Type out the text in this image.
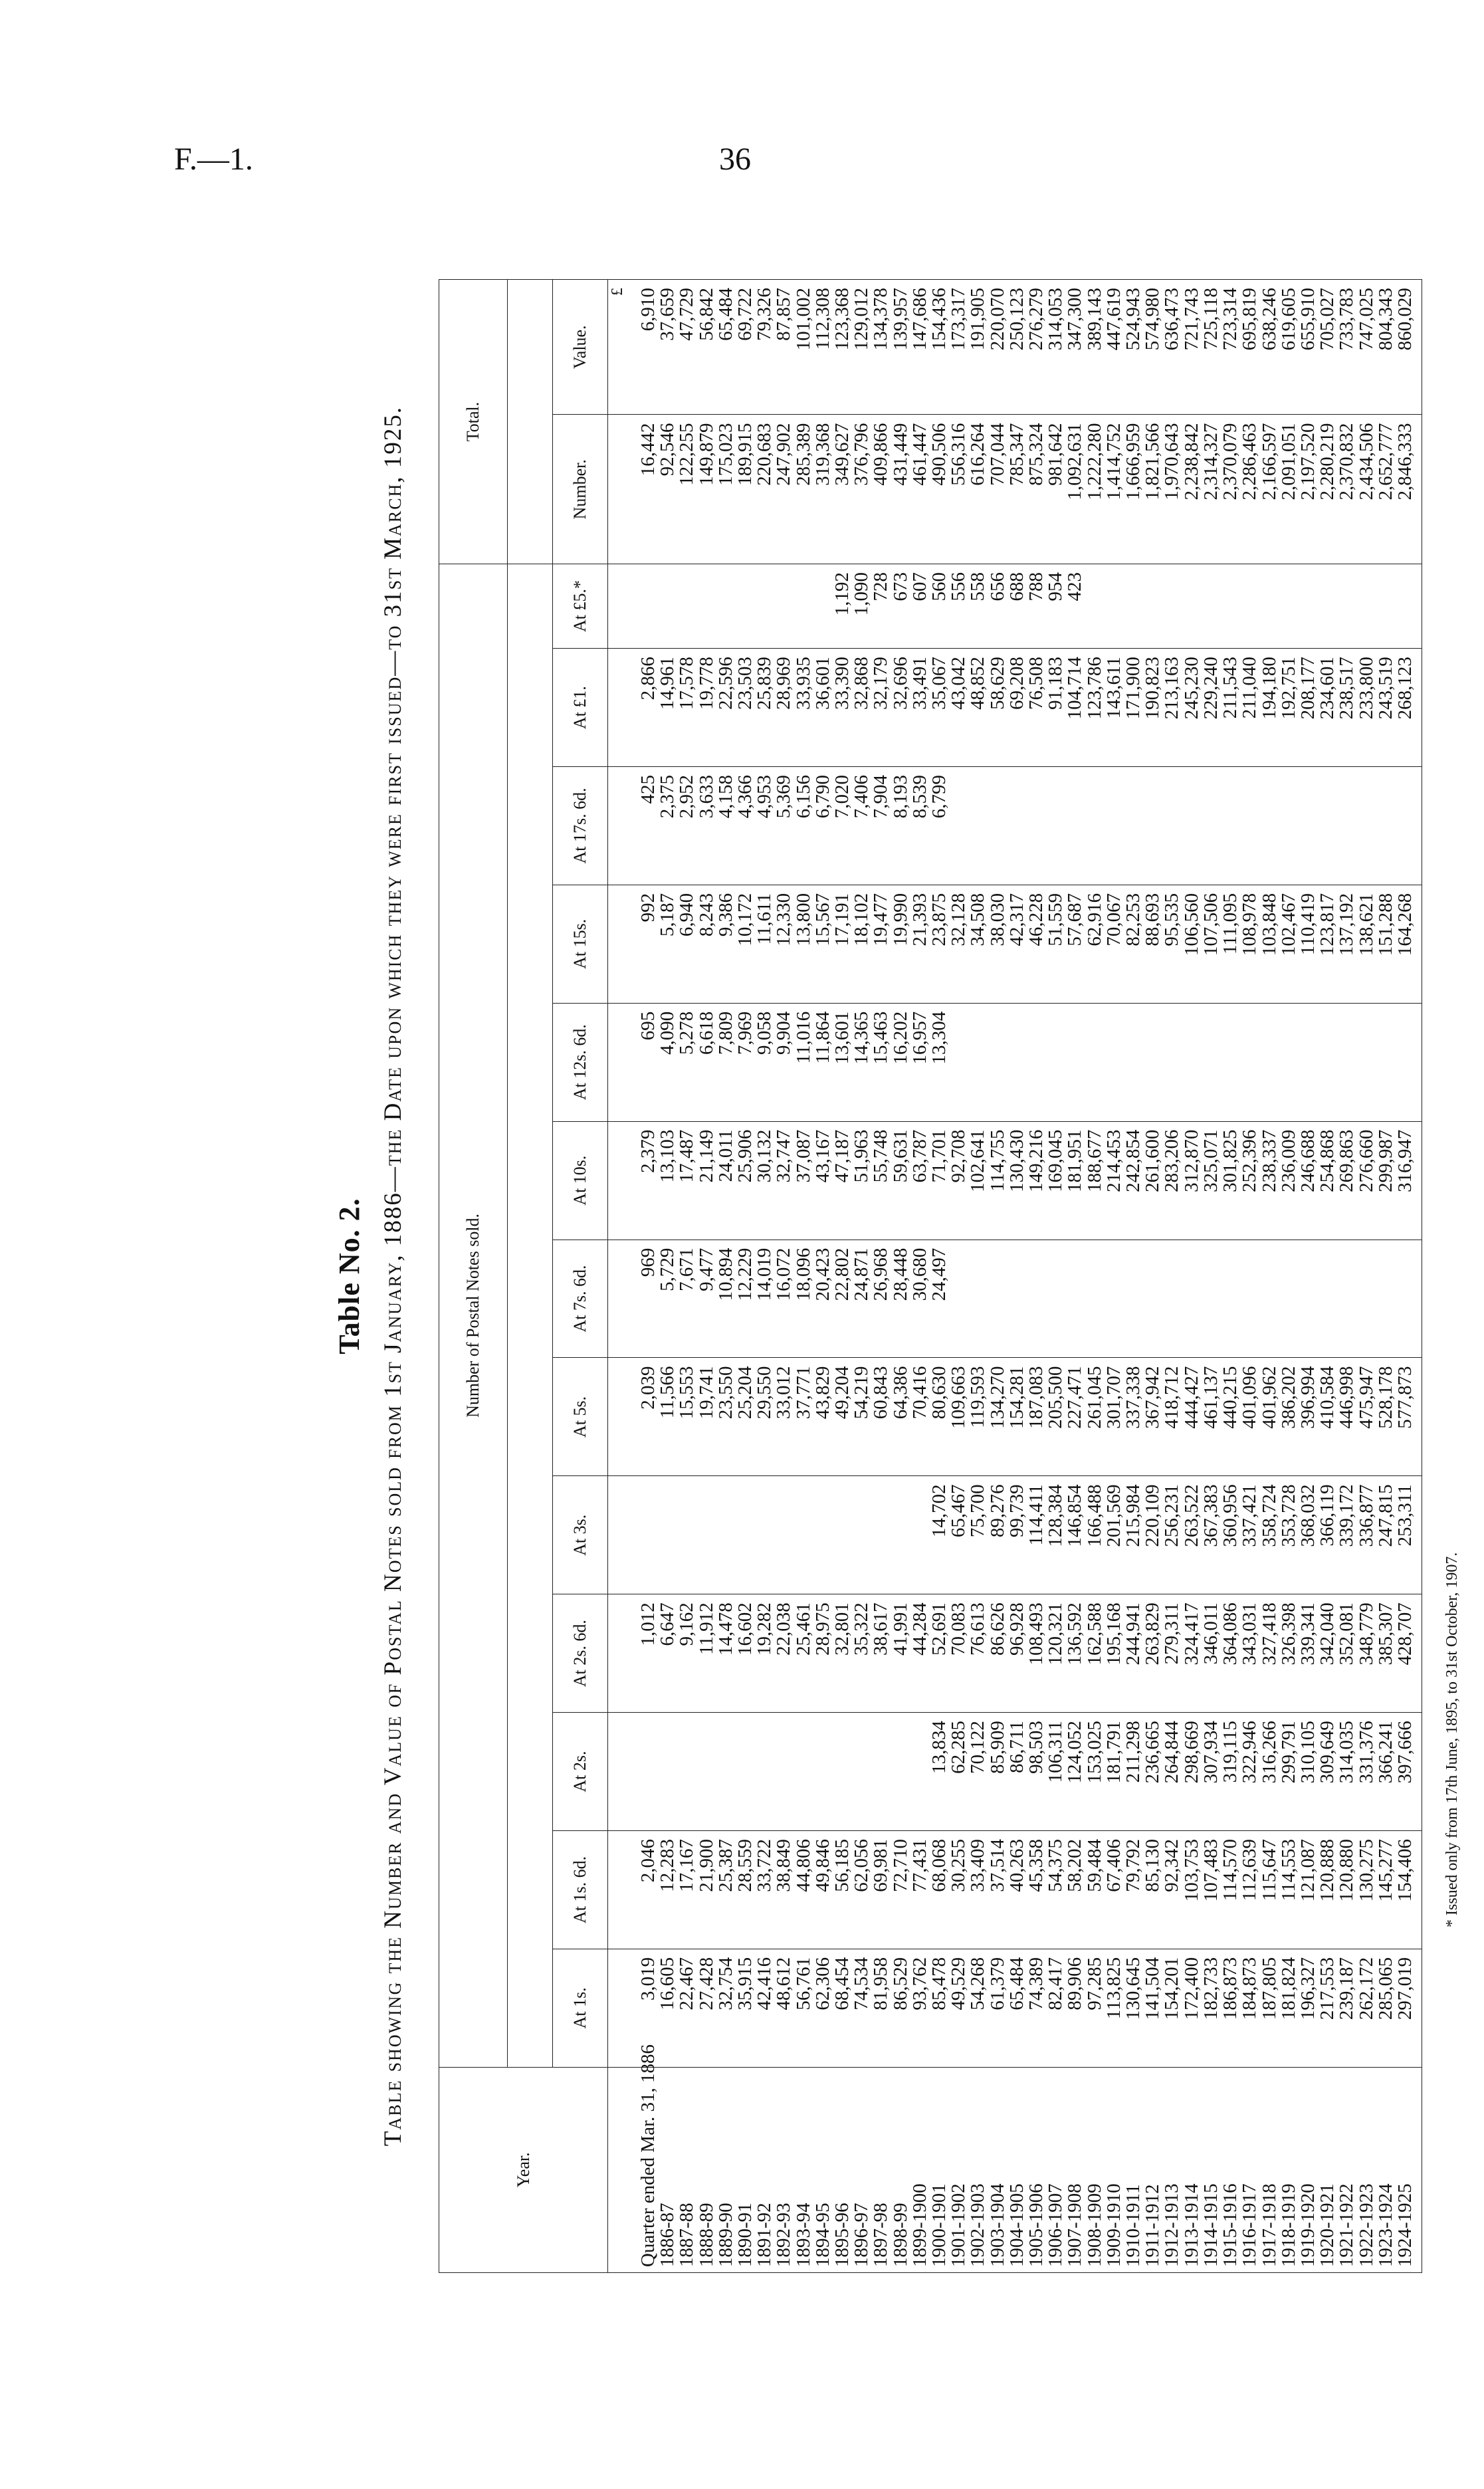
F.—1.	36
Table No. 2. Table showing the Number and Value of Postal Notes sold from 1st January, 1886—the Date upon which they were first issued—to 31st March, 1925.
Year.	Number of Postal Notes sold.													Total.	

	At 1s.	At 1s. 6d.	At 2s.	At 2s. 6d.	At 3s.	At 5s.	At 7s. 6d.	At 10s.	At 12s. 6d.	At 15s.	At 17s. 6d.	At £1.	At £5.*	Number.	Value.
															£
Quarter ended Mar. 31, 1886	3,019	2,046		1,012		2,039	969	2,379	695	992	425	2,866		16,442	6,910
1886-87	16,605	12,283		6,647		11,566	5,729	13,103	4,090	5,187	2,375	14,961		92,546	37,659
1887-88	22,467	17,167		9,162		15,553	7,671	17,487	5,278	6,940	2,952	17,578		122,255	47,729
1888-89	27,428	21,900		11,912		19,741	9,477	21,149	6,618	8,243	3,633	19,778		149,879	56,842
1889-90	32,754	25,387		14,478		23,550	10,894	24,011	7,809	9,386	4,158	22,596		175,023	65,484
1890-91	35,915	28,559		16,602		25,204	12,229	25,906	7,969	10,172	4,366	23,503		189,915	69,722
1891-92	42,416	33,722		19,282		29,550	14,019	30,132	9,058	11,611	4,953	25,839		220,683	79,326
1892-93	48,612	38,849		22,038		33,012	16,072	32,747	9,904	12,330	5,369	28,969		247,902	87,857
1893-94	56,761	44,806		25,461		37,771	18,096	37,087	11,016	13,800	6,156	33,935		285,389	101,002
1894-95	62,306	49,846		28,975		43,829	20,423	43,167	11,864	15,567	6,790	36,601		319,368	112,308
1895-96	68,454	56,185		32,801		49,204	22,802	47,187	13,601	17,191	7,020	33,390	1,192	349,627	123,368
1896-97	74,534	62,056		35,322		54,219	24,871	51,963	14,365	18,102	7,406	32,868	1,090	376,796	129,012
1897-98	81,958	69,981		38,617		60,843	26,968	55,748	15,463	19,477	7,904	32,179	728	409,866	134,378
1898-99	86,529	72,710		41,991		64,386	28,448	59,631	16,202	19,990	8,193	32,696	673	431,449	139,957
1899-1900	93,762	77,431		44,284		70,416	30,680	63,787	16,957	21,393	8,539	33,491	607	461,447	147,686
1900-1901	85,478	68,068	13,834	52,691	14,702	80,630	24,497	71,701	13,304	23,875	6,799	35,067	560	490,506	154,436
1901-1902	49,529	30,255	62,285	70,083	65,467	109,663		92,708		32,128		43,042	556	556,316	173,317
1902-1903	54,268	33,409	70,122	76,613	75,700	119,593		102,641		34,508		48,852	558	616,264	191,905
1903-1904	61,379	37,514	85,909	86,626	89,276	134,270		114,755		38,030		58,629	656	707,044	220,070
1904-1905	65,484	40,263	86,711	96,928	99,739	154,281		130,430		42,317		69,208	688	785,347	250,123
1905-1906	74,389	45,358	98,503	108,493	114,411	187,083		149,216		46,228		76,508	788	875,324	276,279
1906-1907	82,417	54,375	106,311	120,321	128,384	205,500		169,045		51,559		91,183	954	981,642	314,053
1907-1908	89,906	58,202	124,052	136,592	146,854	227,471		181,951		57,687		104,714	423	1,092,631	347,300
1908-1909	97,285	59,484	153,025	162,588	166,488	261,045		188,677		62,916		123,786		1,222,280	389,143
1909-1910	113,825	67,406	181,791	195,168	201,569	301,707		214,453		70,067		143,611		1,414,752	447,619
1910-1911	130,645	79,792	211,298	244,941	215,984	337,338		242,854		82,253		171,900		1,666,959	524,943
1911-1912	141,504	85,130	236,665	263,829	220,109	367,942		261,600		88,693		190,823		1,821,566	574,980
1912-1913	154,201	92,342	264,844	279,311	256,231	418,712		283,206		95,535		213,163		1,970,643	636,473
1913-1914	172,400	103,753	298,669	324,417	263,522	444,427		312,870		106,560		245,230		2,238,842	721,743
1914-1915	182,733	107,483	307,934	346,011	367,383	461,137		325,071		107,506		229,240		2,314,327	725,118
1915-1916	186,873	114,570	319,115	364,086	360,956	440,215		301,825		111,095		211,543		2,370,079	723,314
1916-1917	184,873	112,639	322,946	343,031	337,421	401,096		252,396		108,978		211,040		2,286,463	695,819
1917-1918	187,805	115,647	316,266	327,418	358,724	401,962		238,337		103,848		194,180		2,166,597	638,246
1918-1919	181,824	114,553	299,791	326,398	353,728	386,202		236,009		102,467		192,751		2,091,051	619,605
1919-1920	196,327	121,087	310,105	339,341	368,032	396,994		246,688		110,419		208,177		2,197,520	655,910
1920-1921	217,553	120,888	309,649	342,040	366,119	410,584		254,868		123,817		234,601		2,280,219	705,027
1921-1922	239,187	120,880	314,035	352,081	339,172	446,998		269,863		137,192		238,517		2,370,832	733,783
1922-1923	262,172	130,275	331,376	348,779	336,877	475,947		276,660		138,621		233,800		2,434,506	747,025
1923-1924	285,065	145,277	366,241	385,307	247,815	528,178		299,987		151,288		243,519		2,652,777	804,343
1924-1925	297,019	154,406	397,666	428,707	253,311	577,873		316,947		164,268		268,123		2,846,333	860,029
* Issued only from 17th June, 1895, to 31st October, 1907.
